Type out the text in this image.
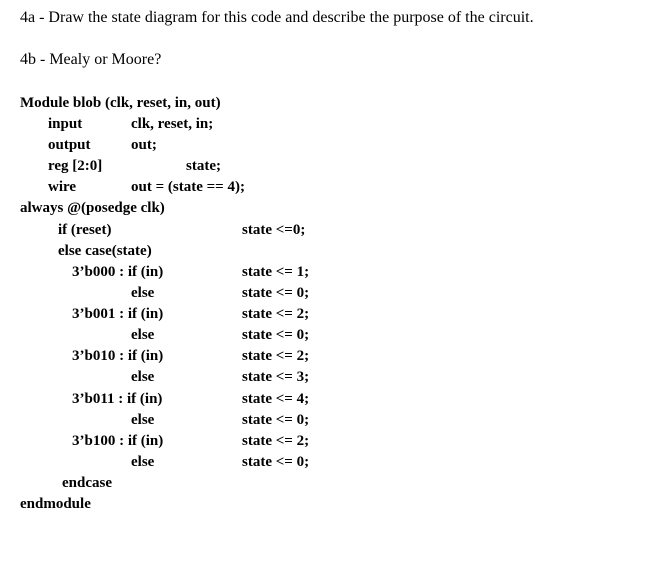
4a - Draw the state diagram for this code and describe the purpose of the circuit.
4b - Mealy or Moore?
Module blob (clk, reset, in, out)
input	clk, reset, in;
output	out;
reg [2:0]	state;
wire	out = (state == 4);
always @(posedge clk)
if (reset)	state <=0;
else case(state)
3’b000 : if (in)	state <= 1;
else	state <= 0;
3’b001 : if (in)	state <= 2;
else	state <= 0;
3’b010 : if (in)	state <= 2;
else	state <= 3;
3’b011 : if (in)	state <= 4;
else	state <= 0;
3’b100 : if (in)	state <= 2;
else	state <= 0;
endcase
endmodule
